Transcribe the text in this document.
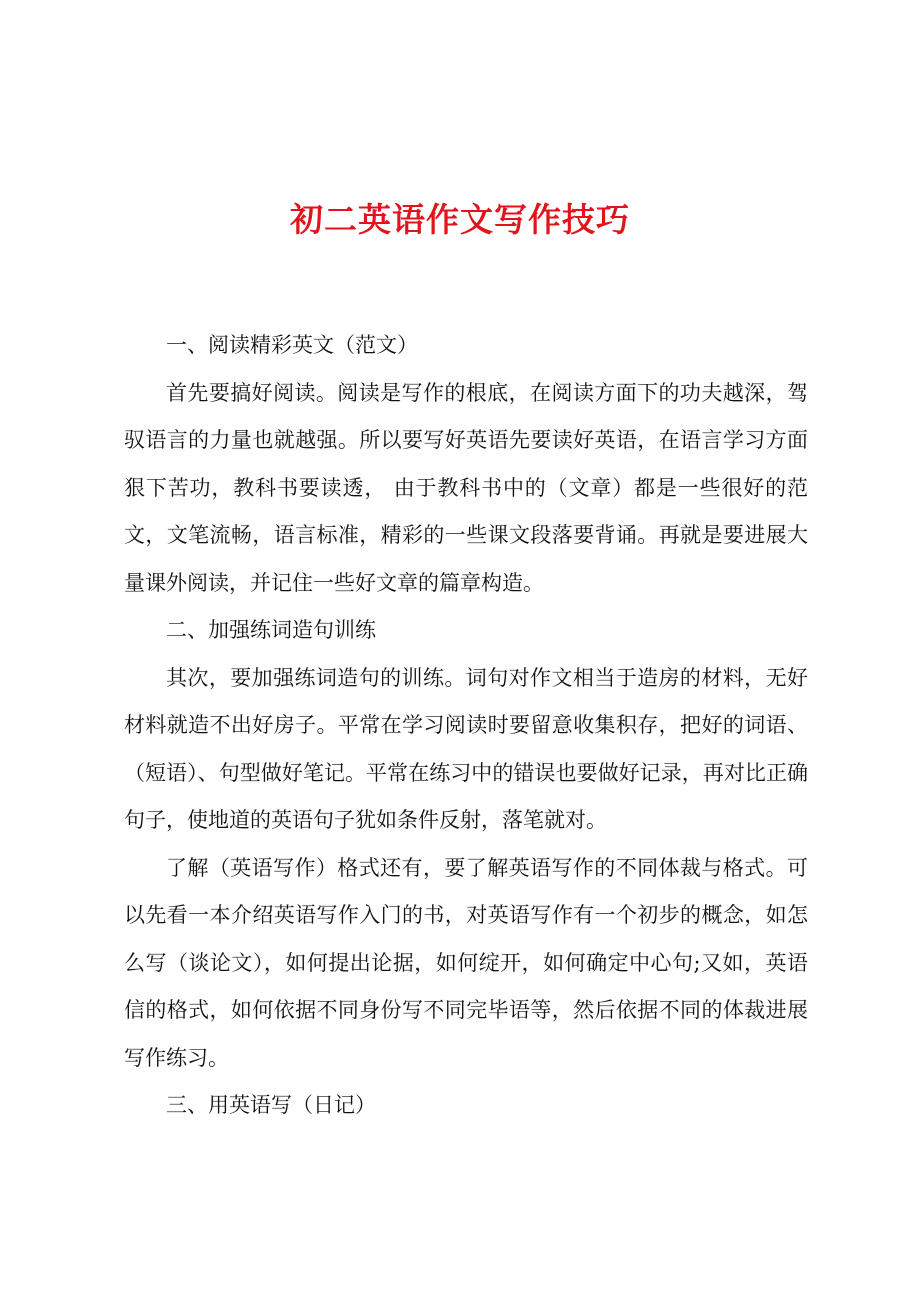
初二英语作文写作技巧

一、阅读精彩英文（范文）

首先要搞好阅读。阅读是写作的根底，在阅读方面下的功夫越深，驾驭语言的力量也就越强。所以要写好英语先要读好英语，在语言学习方面狠下苦功，教科书要读透， 由于教科书中的（文章）都是一些很好的范文，文笔流畅，语言标准，精彩的一些课文段落要背诵。再就是要进展大量课外阅读，并记住一些好文章的篇章构造。

二、加强练词造句训练

其次，要加强练词造句的训练。词句对作文相当于造房的材料，无好材料就造不出好房子。平常在学习阅读时要留意收集积存，把好的词语、（短语）、句型做好笔记。平常在练习中的错误也要做好记录，再对比正确句子，使地道的英语句子犹如条件反射，落笔就对。

了解（英语写作）格式还有，要了解英语写作的不同体裁与格式。可以先看一本介绍英语写作入门的书，对英语写作有一个初步的概念，如怎么写（谈论文），如何提出论据，如何绽开，如何确定中心句;又如，英语信的格式，如何依据不同身份写不同完毕语等，然后依据不同的体裁进展写作练习。

三、用英语写（日记）
